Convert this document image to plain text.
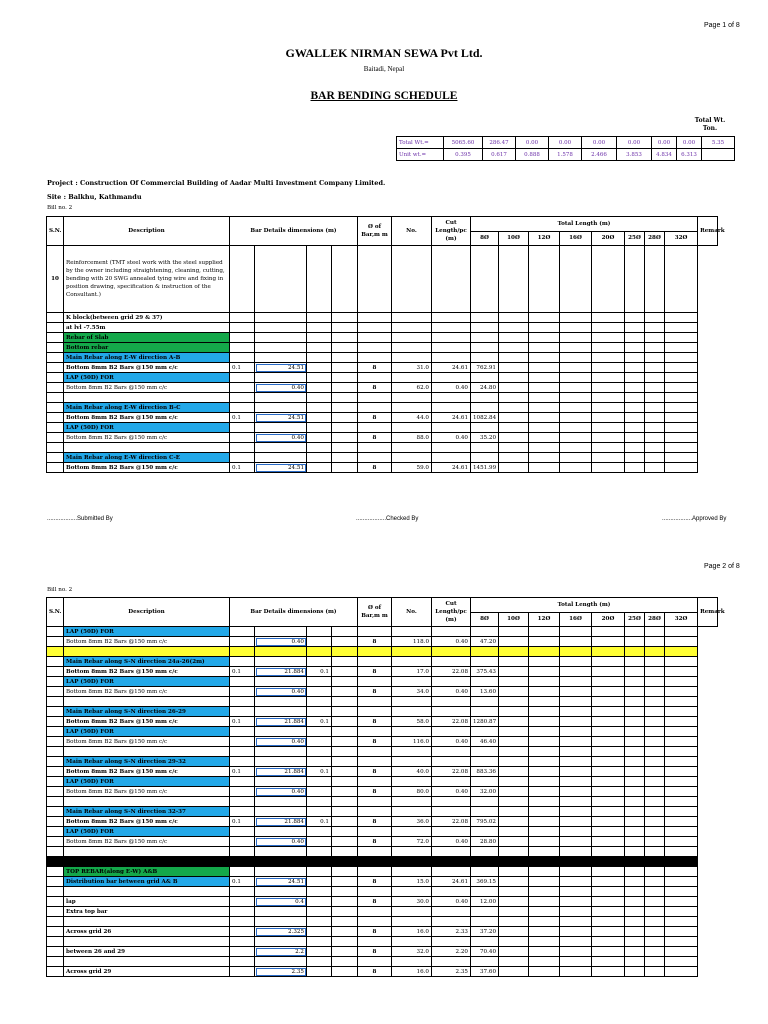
Page 1 of 8
GWALLEK NIRMAN SEWA Pvt Ltd.
Baitadi, Nepal
BAR BENDING SCHEDULE
Total Wt. Ton.
Total Wt.=	5065.60	286.47	0.00	0.00	0.00	0.00	0.00	0.00	5.35
Unit wt.=	0.395	0.617	0.888	1.578	2.466	3.853	4.834	6.313	
Project : Construction Of Commercial Building of Aadar Multi Investment Company Limited.
Site : Balkhu, Kathmandu
Bill no. 2
S.N.	Description	Bar Details dimensions (m)				Ø of Bar,m m	No.	Cut Length/pc (m)	Total Length (m)								Remark
									8Ø	10Ø	12Ø	16Ø	20Ø	25Ø	28Ø	32Ø	
10	Reinforcement (TMT steel work with the steel supplied by the owner including straightening, cleaning, cutting, bending with 20 SWG annealed tying wire and fixing in position drawing, specification & instruction of the Consultant.)																
	K block(between grid 29 & 37)																
	at lvl -7.55m																
	Rebar of Slab																
	Bottom rebar																
	Main Rebar along E-W direction A-B																
	Bottom 8mm B2 Bars @150 mm c/c	0.1	24.51			8	31.0	24.61	762.91								
	LAP (50D) FOR																
	Bottom 8mm B2 Bars @150 mm c/c		0.40			8	62.0	0.40	24.80								

	Main Rebar along E-W direction B-C																
	Bottom 8mm B2 Bars @150 mm c/c	0.1	24.51			8	44.0	24.61	1082.84								
	LAP (50D) FOR																
	Bottom 8mm B2 Bars @150 mm c/c		0.40			8	88.0	0.40	35.20								

	Main Rebar along E-W direction C-E																
	Bottom 8mm B2 Bars @150 mm c/c	0.1	24.51			8	59.0	24.61	1451.99								
..................Submitted By	..................Checked By	..................Approved By
Page 2 of 8
Bill no. 2
S.N.	Description	Bar Details dimensions (m)				Ø of Bar,m m	No.	Cut Length/pc (m)	Total Length (m)								Remark
									8Ø	10Ø	12Ø	16Ø	20Ø	25Ø	28Ø	32Ø	
	LAP (50D) FOR																
	Bottom 8mm B2 Bars @150 mm c/c		0.40			8	118.0	0.40	47.20								

	Main Rebar along S-N direction 24a-26(2m)																
	Bottom 8mm B2 Bars @150 mm c/c	0.1	21.884	0.1		8	17.0	22.08	375.43								
	LAP (50D) FOR																
	Bottom 8mm B2 Bars @150 mm c/c		0.40			8	34.0	0.40	13.60								

	Main Rebar along S-N direction 26-29																
	Bottom 8mm B2 Bars @150 mm c/c	0.1	21.884	0.1		8	58.0	22.08	1280.87								
	LAP (50D) FOR																
	Bottom 8mm B2 Bars @150 mm c/c		0.40			8	116.0	0.40	46.40								

	Main Rebar along S-N direction 29-32																
	Bottom 8mm B2 Bars @150 mm c/c	0.1	21.884	0.1		8	40.0	22.08	883.36								
	LAP (50D) FOR																
	Bottom 8mm B2 Bars @150 mm c/c		0.40			8	80.0	0.40	32.00								

	Main Rebar along S-N direction 32-37																
	Bottom 8mm B2 Bars @150 mm c/c	0.1	21.884	0.1		8	36.0	22.08	795.02								
	LAP (50D) FOR																
	Bottom 8mm B2 Bars @150 mm c/c		0.40			8	72.0	0.40	28.80								

	TOP REBAR(along E-W) A&B																
	Distribution bar between grid A& B	0.1	24.51			8	15.0	24.61	369.15								

	lap		0.4			8	30.0	0.40	12.00								
	Extra top bar																

	Across grid 26		2.325			8	16.0	2.33	37.20								

	between 26 and 29		2.2			8	32.0	2.20	70.40								

	Across grid 29		2.35			8	16.0	2.35	37.60								
